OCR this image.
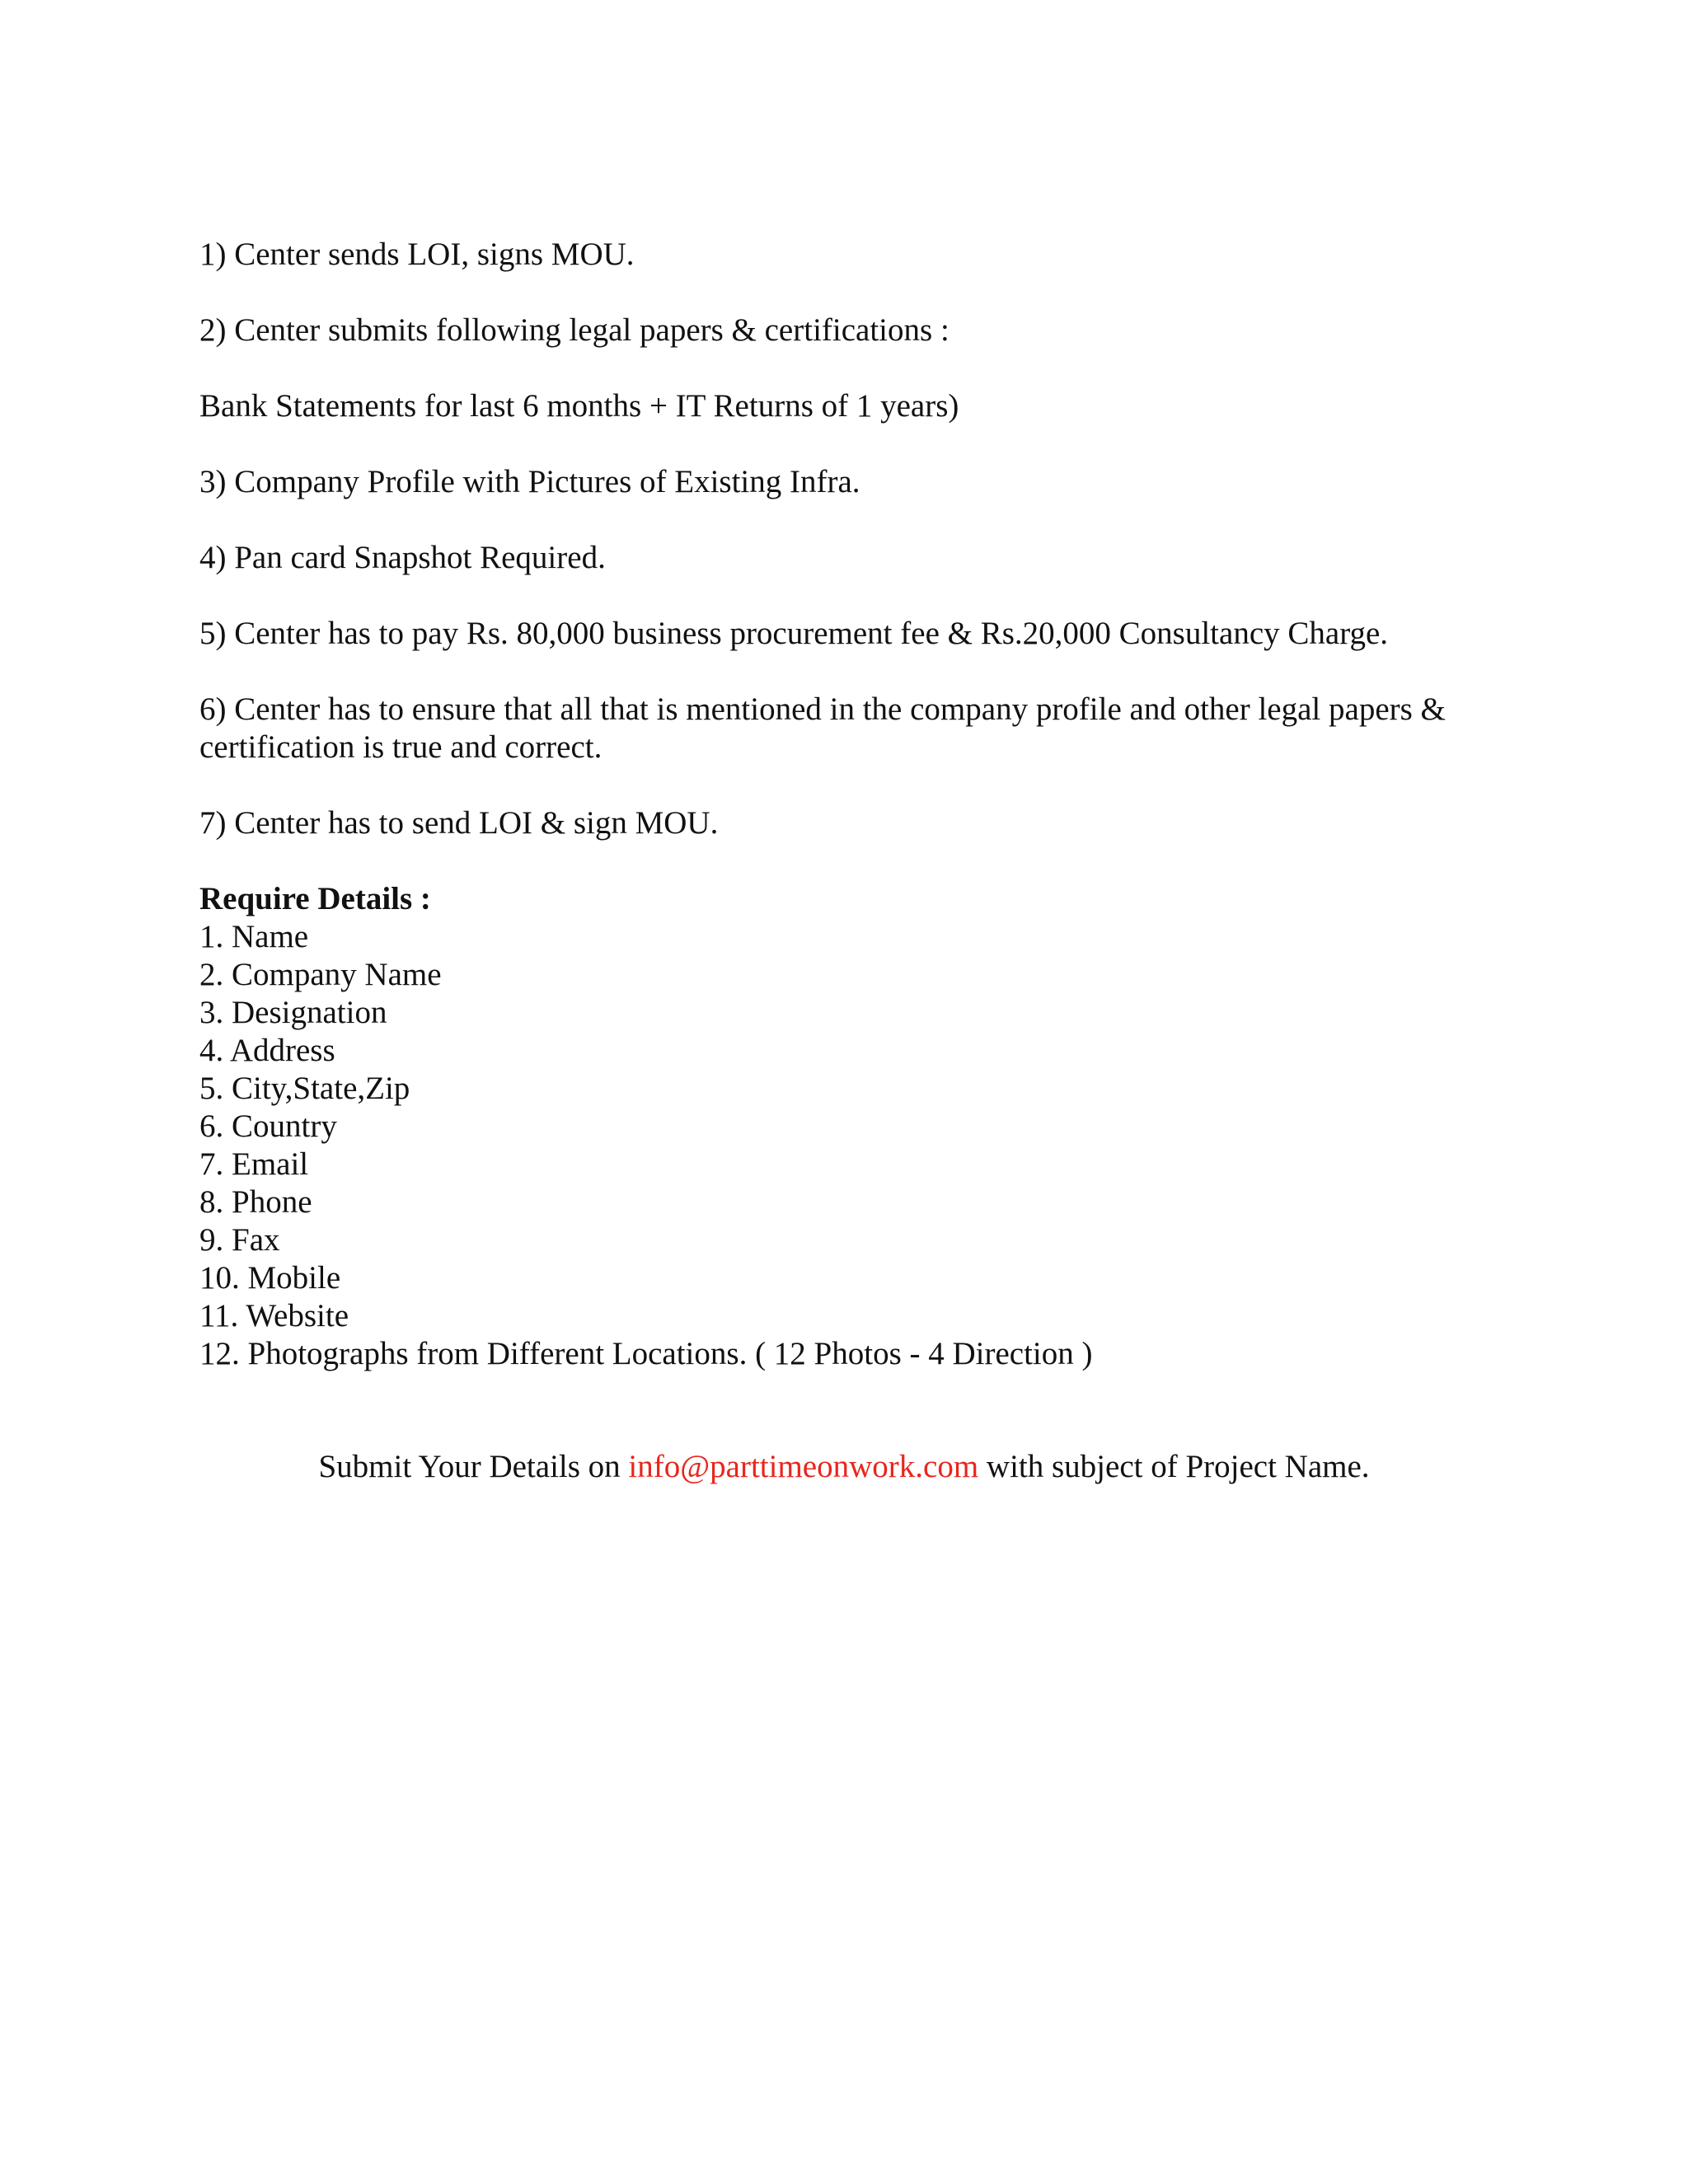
1) Center sends LOI, signs MOU.
2) Center submits following legal papers & certifications :
Bank Statements for last 6 months + IT Returns of 1 years)
3) Company Profile with Pictures of Existing Infra.
4) Pan card Snapshot Required.
5) Center has to pay Rs. 80,000 business procurement fee & Rs.20,000 Consultancy Charge.
6) Center has to ensure that all that is mentioned in the company profile and other legal papers & certification is true and correct.
7) Center has to send LOI & sign MOU.
Require Details :
1. Name
2. Company Name
3. Designation
4. Address
5. City,State,Zip
6. Country
7. Email
8. Phone
9. Fax
10. Mobile
11. Website
12. Photographs from Different Locations. ( 12 Photos - 4 Direction )
Submit Your Details on info@parttimeonwork.com with subject of Project Name.
